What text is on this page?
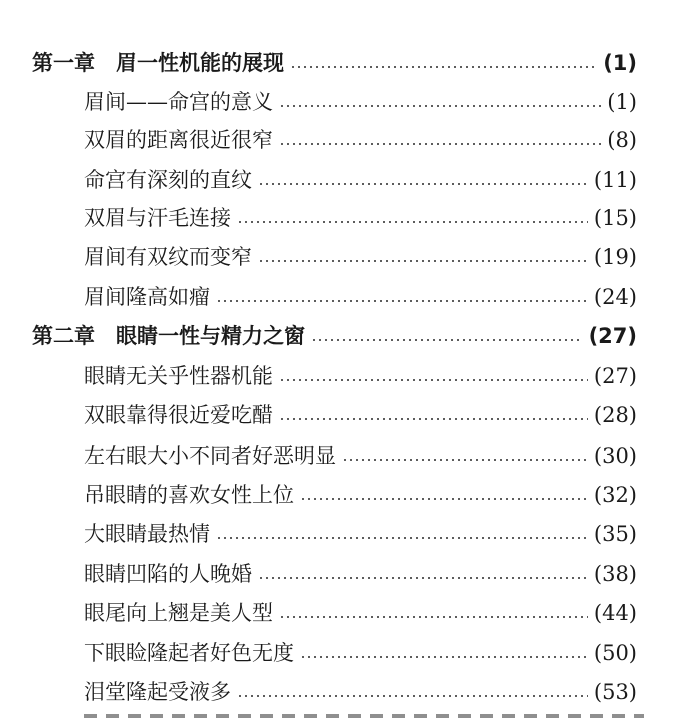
第一章　眉一性机能的展现	(1)
眉间——命宫的意义	(1)
双眉的距离很近很窄	(8)
命宫有深刻的直纹	(11)
双眉与汗毛连接	(15)
眉间有双纹而变窄	(19)
眉间隆高如瘤	(24)
第二章　眼睛一性与精力之窗	(27)
眼睛无关乎性器机能	(27)
双眼靠得很近爱吃醋	(28)
左右眼大小不同者好恶明显	(30)
吊眼睛的喜欢女性上位	(32)
大眼睛最热情	(35)
眼睛凹陷的人晚婚	(38)
眼尾向上翘是美人型	(44)
下眼睑隆起者好色无度	(50)
泪堂隆起受液多	(53)
